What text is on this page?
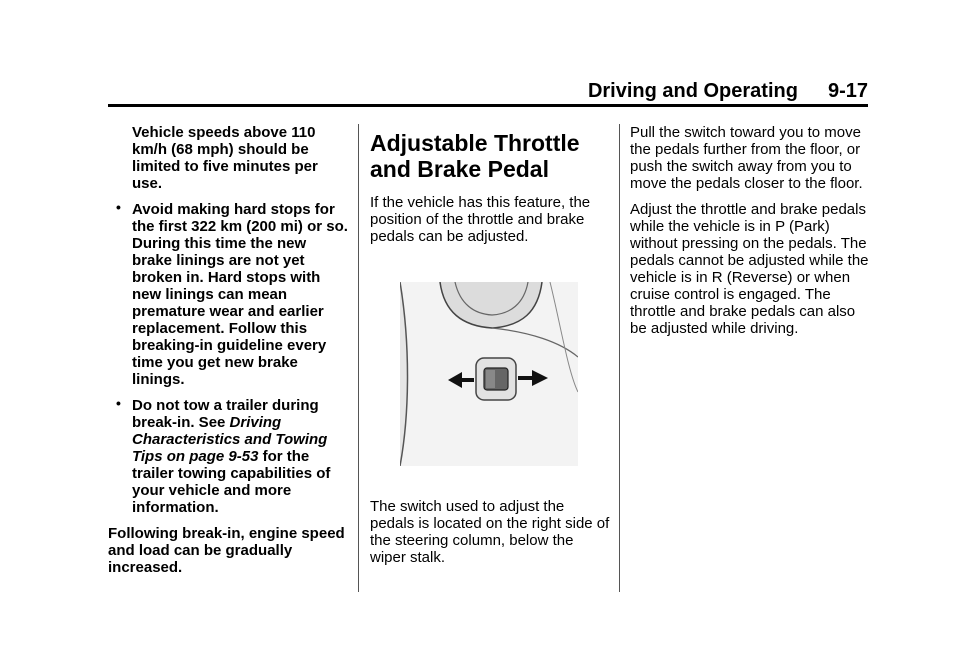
Driving and Operating 9-17

Vehicle speeds above 110 km/h (68 mph) should be limited to five minutes per use.

• Avoid making hard stops for the first 322 km (200 mi) or so. During this time the new brake linings are not yet broken in. Hard stops with new linings can mean premature wear and earlier replacement. Follow this breaking-in guideline every time you get new brake linings.
• Do not tow a trailer during break-in. See Driving Characteristics and Towing Tips on page 9-53 for the trailer towing capabilities of your vehicle and more information.

Following break-in, engine speed and load can be gradually increased.

Adjustable Throttle and Brake Pedal

If the vehicle has this feature, the position of the throttle and brake pedals can be adjusted.

The switch used to adjust the pedals is located on the right side of the steering column, below the wiper stalk.

Pull the switch toward you to move the pedals further from the floor, or push the switch away from you to move the pedals closer to the floor.

Adjust the throttle and brake pedals while the vehicle is in P (Park) without pressing on the pedals. The pedals cannot be adjusted while the vehicle is in R (Reverse) or when cruise control is engaged. The throttle and brake pedals can also be adjusted while driving.
